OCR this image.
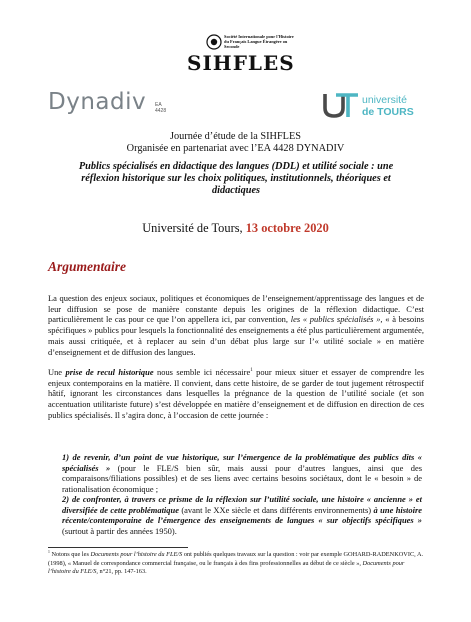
Société Internationale pour l'Histoire du Français Langue Étrangère ou Seconde
SIHFLES
Dynadiv EA 4428
université
de TOURS
Journée d’étude de la SIHFLES
Organisée en partenariat avec l’EA 4428 DYNADIV
Publics spécialisés en didactique des langues (DDL) et utilité sociale : une réflexion historique sur les choix politiques, institutionnels, théoriques et didactiques
Université de Tours, 13 octobre 2020
Argumentaire
La question des enjeux sociaux, politiques et économiques de l’enseignement/apprentissage des langues et de leur diffusion se pose de manière constante depuis les origines de la réflexion didactique. C’est particulièrement le cas pour ce que l’on appellera ici, par convention, les « publics spécialisés », « à besoins spécifiques » publics pour lesquels la fonctionnalité des enseignements a été plus particulièrement argumentée, mais aussi critiquée, et à replacer au sein d’un débat plus large sur l’« utilité sociale » en matière d’enseignement et de diffusion des langues.
Une prise de recul historique nous semble ici nécessaire$^1$ pour mieux situer et essayer de comprendre les enjeux contemporains en la matière. Il convient, dans cette histoire, de se garder de tout jugement rétrospectif hâtif, ignorant les circonstances dans lesquelles la prégnance de la question de l’utilité sociale (et son accentuation utilitariste future) s’est développée en matière d’enseignement et de diffusion en direction de ces publics spécialisés. Il s’agira donc, à l’occasion de cette journée :
1) de revenir, d’un point de vue historique, sur l’émergence de la problématique des publics dits « spécialisés » (pour le FLE/S bien sûr, mais aussi pour d’autres langues, ainsi que des comparaisons/filiations possibles) et de ses liens avec certains besoins sociétaux, dont le « besoin » de rationalisation économique ;
2) de confronter, à travers ce prisme de la réflexion sur l’utilité sociale, une histoire « ancienne » et diversifiée de cette problématique (avant le XXe siècle et dans différents environnements) à une histoire récente/contemporaine de l’émergence des enseignements de langues « sur objectifs spécifiques » (surtout à partir des années 1950).
$^1$ Notons que les Documents pour l’histoire du FLE/S ont publiés quelques travaux sur la question : voir par exemple GOHARD-RADENKOVIC, A. (1998), « Manuel de correspondance commercial française, ou le français à des fins professionnelles au début de ce siècle », Documents pour l’histoire du FLE/S, n°21, pp. 147-163.
